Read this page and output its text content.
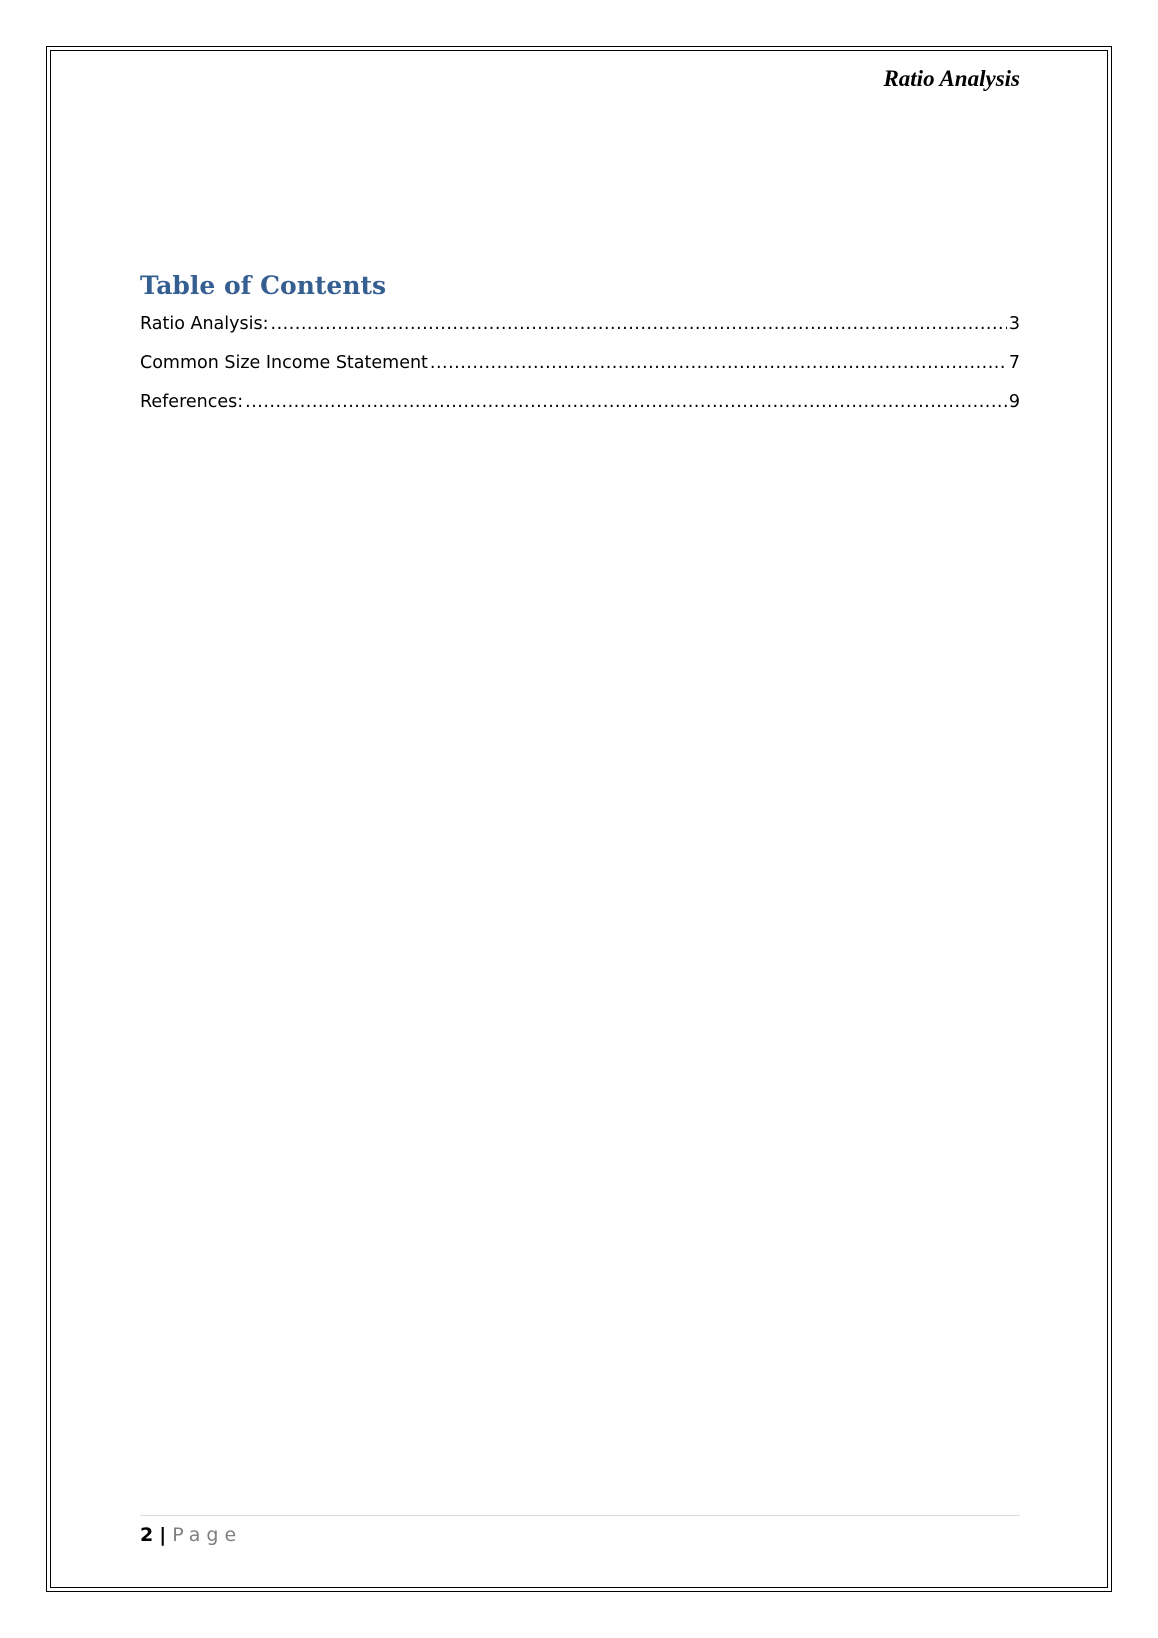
Ratio Analysis
Table of Contents
Ratio Analysis: .....	3
Common Size Income Statement .....	7
References: .....	9
2 | Page
